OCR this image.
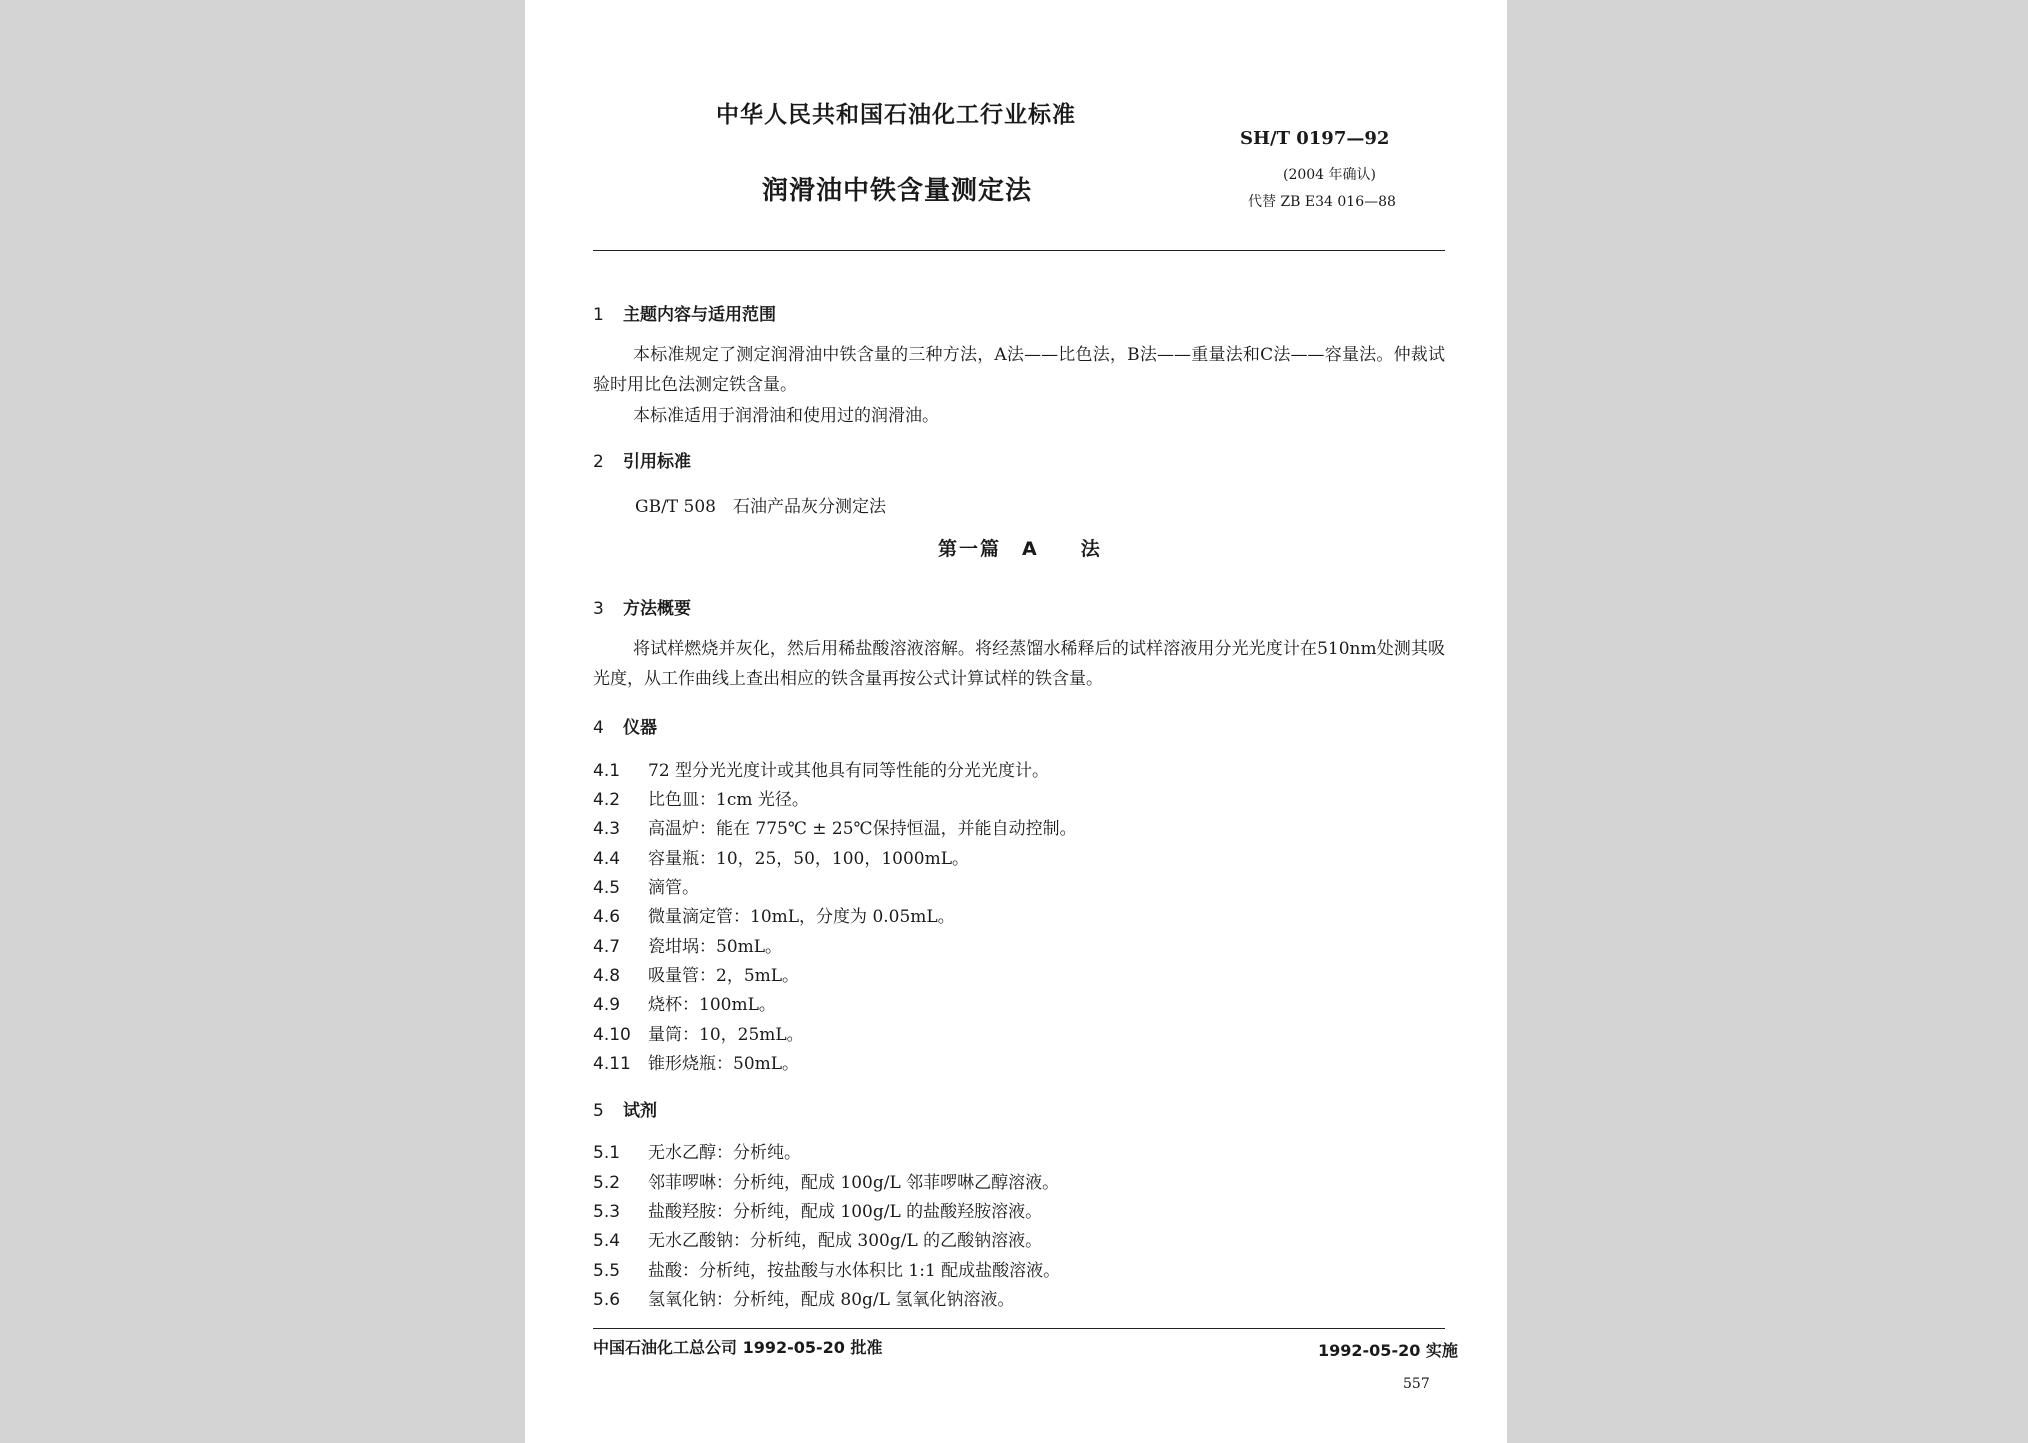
中华人民共和国石油化工行业标准
SH/T 0197—92
润滑油中铁含量测定法
(2004 年确认)
代替 ZB E34 016—88
1 主题内容与适用范围
本标准规定了测定润滑油中铁含量的三种方法，A法——比色法，B法——重量法和C法——容量法。仲裁试验时用比色法测定铁含量。
本标准适用于润滑油和使用过的润滑油。
2 引用标准
GB/T 508　石油产品灰分测定法
第一篇　A　　法
3 方法概要
将试样燃烧并灰化，然后用稀盐酸溶液溶解。将经蒸馏水稀释后的试样溶液用分光光度计在510nm处测其吸光度，从工作曲线上查出相应的铁含量再按公式计算试样的铁含量。
4 仪器
4.1 72 型分光光度计或其他具有同等性能的分光光度计。
4.2 比色皿：1cm 光径。
4.3 高温炉：能在 775℃ ± 25℃保持恒温，并能自动控制。
4.4 容量瓶：10，25，50，100，1000mL。
4.5 滴管。
4.6 微量滴定管：10mL，分度为 0.05mL。
4.7 瓷坩埚：50mL。
4.8 吸量管：2，5mL。
4.9 烧杯：100mL。
4.10 量筒：10，25mL。
4.11 锥形烧瓶：50mL。
5 试剂
5.1 无水乙醇：分析纯。
5.2 邻菲啰啉：分析纯，配成 100g/L 邻菲啰啉乙醇溶液。
5.3 盐酸羟胺：分析纯，配成 100g/L 的盐酸羟胺溶液。
5.4 无水乙酸钠：分析纯，配成 300g/L 的乙酸钠溶液。
5.5 盐酸：分析纯，按盐酸与水体积比 1:1 配成盐酸溶液。
5.6 氢氧化钠：分析纯，配成 80g/L 氢氧化钠溶液。
中国石油化工总公司 1992-05-20 批准	1992-05-20 实施
557
